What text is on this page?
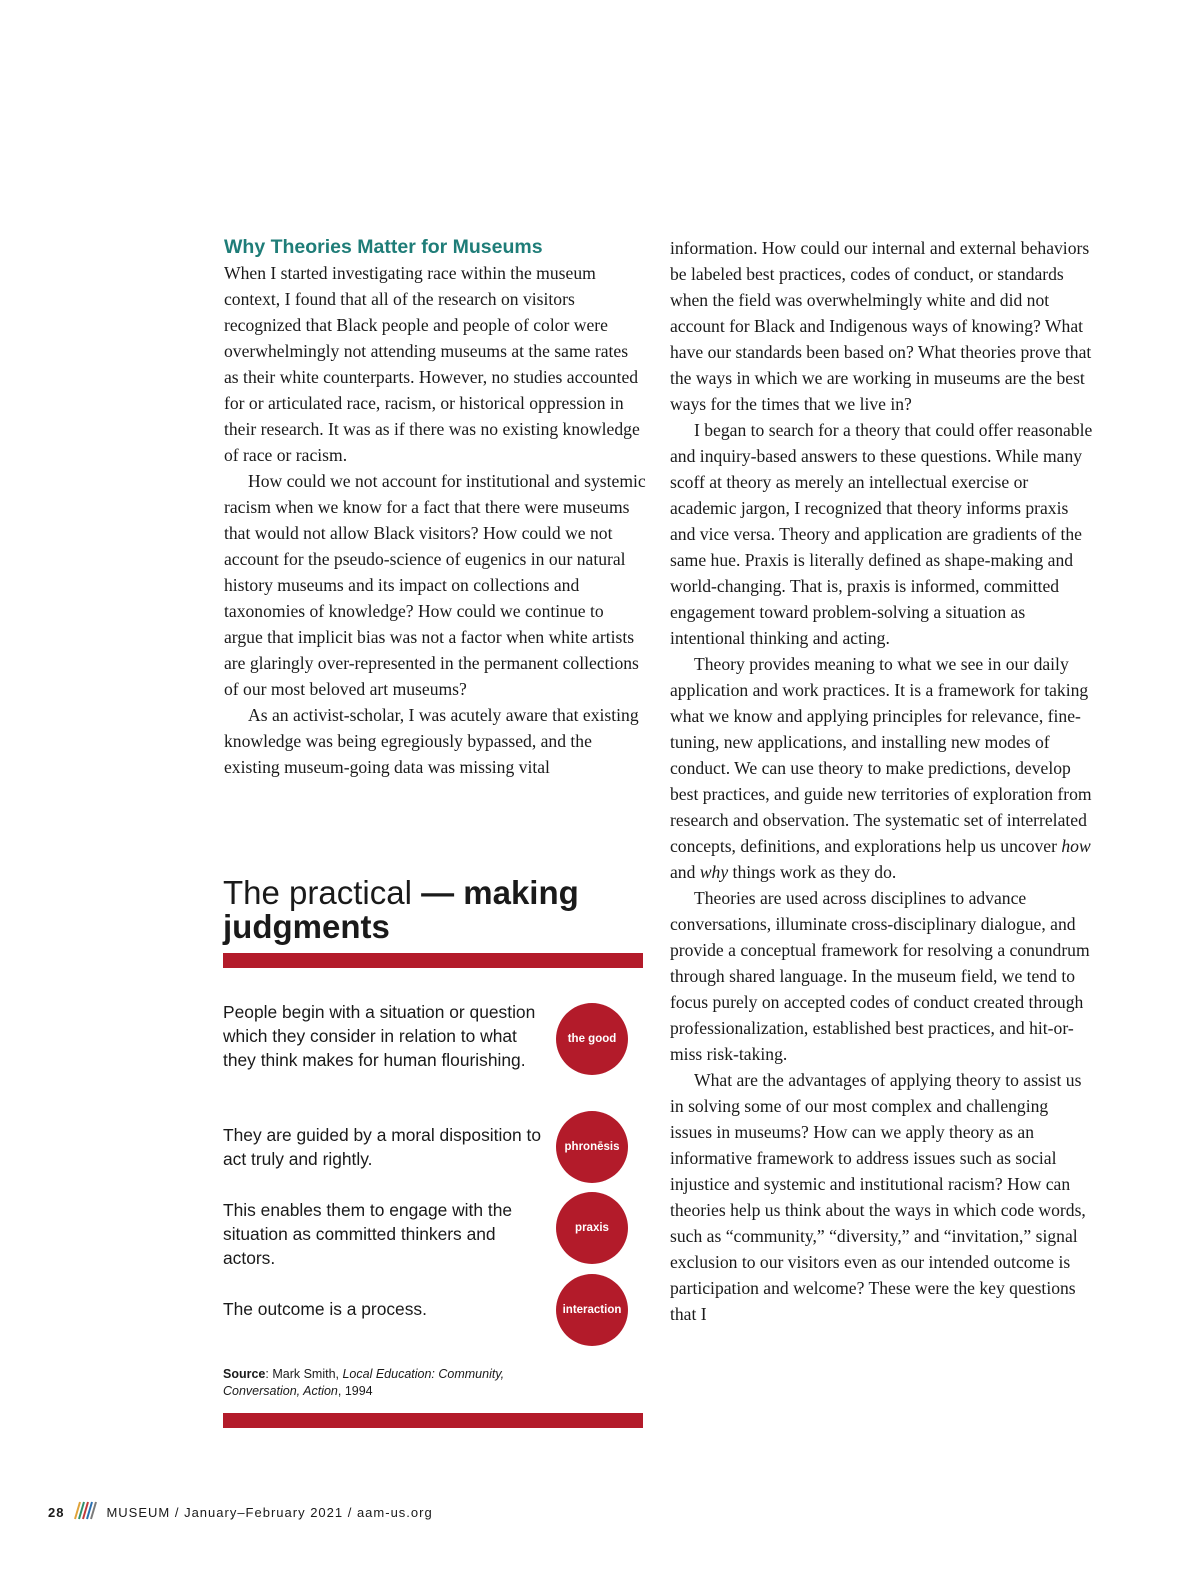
Why Theories Matter for Museums

When I started investigating race within the museum context, I found that all of the research on visitors recognized that Black people and people of color were overwhelmingly not attending museums at the same rates as their white counterparts. However, no studies accounted for or articulated race, racism, or historical oppression in their research. It was as if there was no existing knowledge of race or racism.

How could we not account for institutional and systemic racism when we know for a fact that there were museums that would not allow Black visitors? How could we not account for the pseudo-science of eugenics in our natural history museums and its impact on collections and taxonomies of knowledge? How could we continue to argue that implicit bias was not a factor when white artists are glaringly over-represented in the permanent collections of our most beloved art museums?

As an activist-scholar, I was acutely aware that existing knowledge was being egregiously bypassed, and the existing museum-going data was missing vital

information. How could our internal and external behaviors be labeled best practices, codes of conduct, or standards when the field was overwhelmingly white and did not account for Black and Indigenous ways of knowing? What have our standards been based on? What theories prove that the ways in which we are working in museums are the best ways for the times that we live in?

I began to search for a theory that could offer reasonable and inquiry-based answers to these questions. While many scoff at theory as merely an intellectual exercise or academic jargon, I recognized that theory informs praxis and vice versa. Theory and application are gradients of the same hue. Praxis is literally defined as shape-making and world-changing. That is, praxis is informed, committed engagement toward problem-solving a situation as intentional thinking and acting.

Theory provides meaning to what we see in our daily application and work practices. It is a framework for taking what we know and applying principles for relevance, fine-tuning, new applications, and installing new modes of conduct. We can use theory to make predictions, develop best practices, and guide new territories of exploration from research and observation. The systematic set of interrelated concepts, definitions, and explorations help us uncover how and why things work as they do.

Theories are used across disciplines to advance conversations, illuminate cross-disciplinary dialogue, and provide a conceptual framework for resolving a conundrum through shared language. In the museum field, we tend to focus purely on accepted codes of conduct created through professionalization, established best practices, and hit-or-miss risk-taking.

What are the advantages of applying theory to assist us in solving some of our most complex and challenging issues in museums? How can we apply theory as an informative framework to address issues such as social injustice and systemic and institutional racism? How can theories help us think about the ways in which code words, such as “community,” “diversity,” and “invitation,” signal exclusion to our visitors even as our intended outcome is participation and welcome? These were the key questions that I

The practical — making judgments

People begin with a situation or question which they consider in relation to what they think makes for human flourishing.

the good

They are guided by a moral disposition to act truly and rightly.

phronēsis

This enables them to engage with the situation as committed thinkers and actors.

praxis

The outcome is a process.	interaction

Source: Mark Smith, Local Education: Community, Conversation, Action, 1994

28	MUSEUM / January–February 2021 / aam-us.org
